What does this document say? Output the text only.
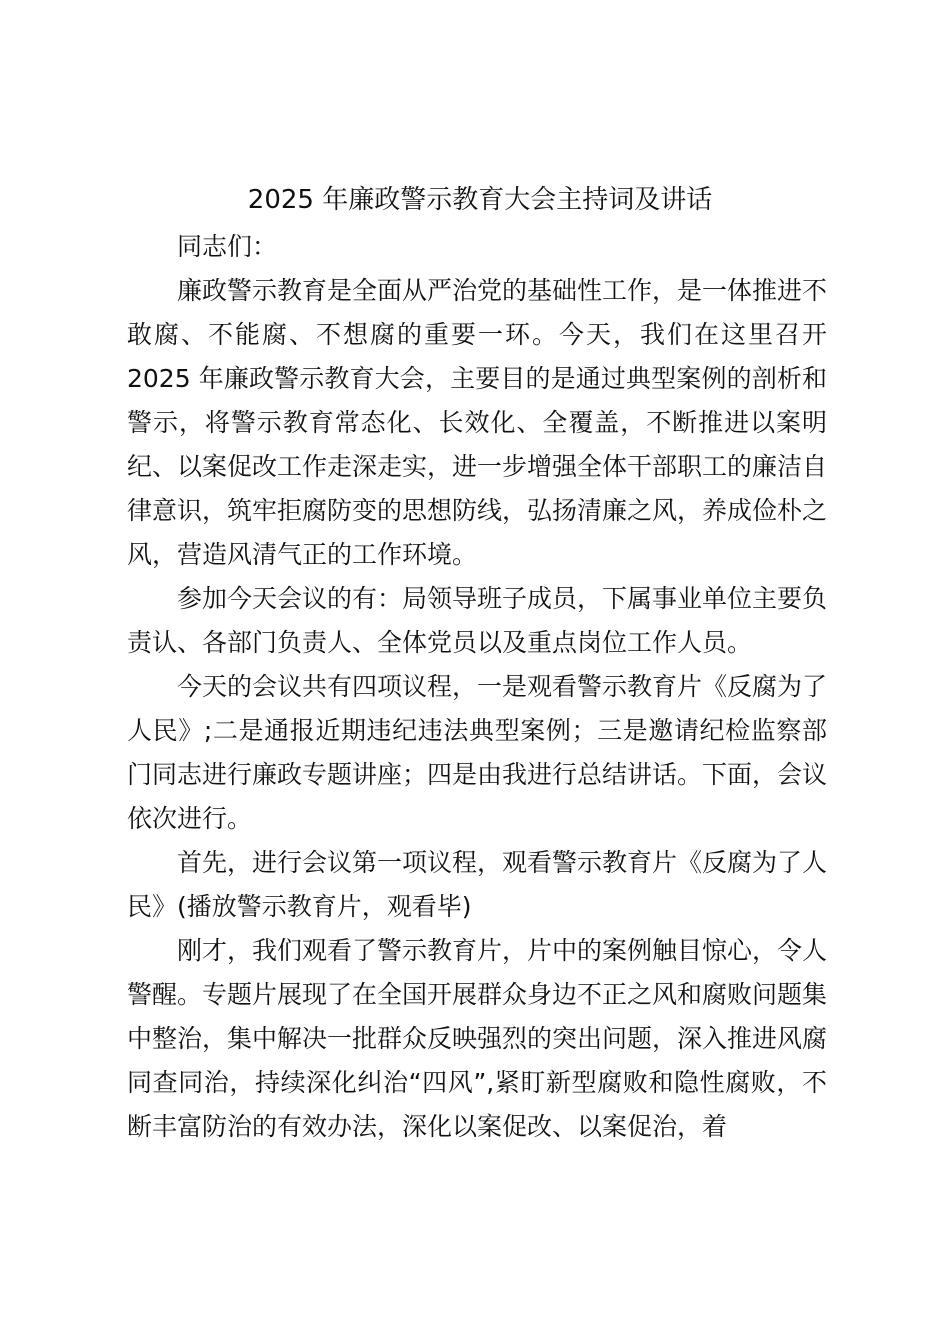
2025 年廉政警示教育大会主持词及讲话

同志们：

廉政警示教育是全面从严治党的基础性工作，是一体推进不敢腐、不能腐、不想腐的重要一环。今天，我们在这里召开 2025 年廉政警示教育大会，主要目的是通过典型案例的剖析和警示，将警示教育常态化、长效化、全覆盖，不断推进以案明纪、以案促改工作走深走实，进一步增强全体干部职工的廉洁自律意识，筑牢拒腐防变的思想防线，弘扬清廉之风，养成俭朴之风，营造风清气正的工作环境。

参加今天会议的有：局领导班子成员，下属事业单位主要负责认、各部门负责人、全体党员以及重点岗位工作人员。

今天的会议共有四项议程，一是观看警示教育片《反腐为了人民》;二是通报近期违纪违法典型案例；三是邀请纪检监察部门同志进行廉政专题讲座；四是由我进行总结讲话。下面，会议依次进行。

首先，进行会议第一项议程，观看警示教育片《反腐为了人民》(播放警示教育片，观看毕)

刚才，我们观看了警示教育片，片中的案例触目惊心，令人警醒。专题片展现了在全国开展群众身边不正之风和腐败问题集中整治，集中解决一批群众反映强烈的突出问题，深入推进风腐同查同治，持续深化纠治“四风”,紧盯新型腐败和隐性腐败，不断丰富防治的有效办法，深化以案促改、以案促治，着
